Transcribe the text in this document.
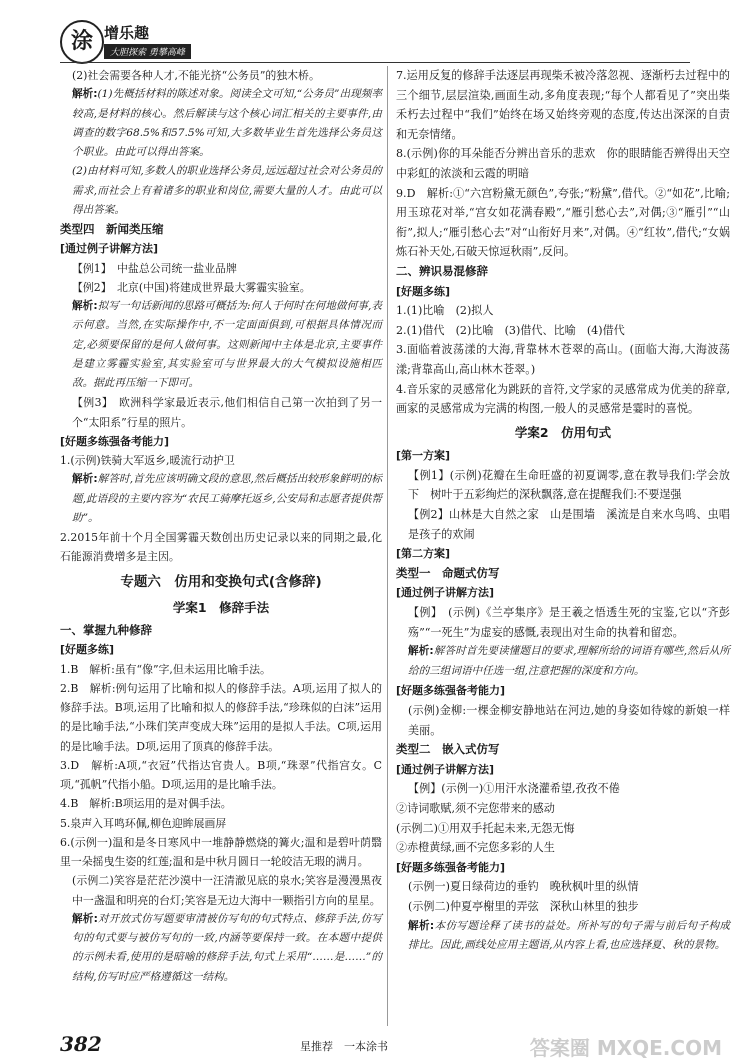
涂 增乐趣
大胆探索 勇攀高峰

(2)社会需要各种人才,不能光挤“公务员”的独木桥。

解析:(1)先概括材料的陈述对象。阅读全文可知,“公务员”出现频率较高,是材料的核心。然后解读与这个核心词汇相关的主要事件,由调查的数字68.5%和57.5%可知,大多数毕业生首先选择公务员这个职业。由此可以得出答案。

(2)由材料可知,多数人的职业选择公务员,远远超过社会对公务员的需求,而社会上有着诸多的职业和岗位,需要大量的人才。由此可以得出答案。

类型四　新闻类压缩

[通过例子讲解方法]

【例1】　中盐总公司统一盐业品牌

【例2】　北京(中国)将建成世界最大雾霾实验室。

解析:拟写一句话新闻的思路可概括为:何人于何时在何地做何事,表示何意。当然,在实际操作中,不一定面面俱到,可根据具体情况而定,必须要保留的是何人做何事。这则新闻中主体是北京,主要事件是建立雾霾实验室,其实验室可与世界最大的大气模拟设施相匹敌。据此再压缩一下即可。

【例3】　欧洲科学家最近表示,他们相信自己第一次拍到了另一个“太阳系”行星的照片。

[好题多练强备考能力]

1.(示例)铁骑大军返乡,暖流行动护卫

解析:解答时,首先应该明确文段的意思,然后概括出较形象鲜明的标题,此语段的主要内容为“农民工骑摩托返乡,公安局和志愿者提供帮助”。

2.2015年前十个月全国雾霾天数创出历史记录以来的同期之最,化石能源消费增多是主因。

专题六　仿用和变换句式(含修辞)

学案1　修辞手法

一、掌握九种修辞

[好题多练]

1.B　解析:虽有“像”字,但未运用比喻手法。

2.B　解析:例句运用了比喻和拟人的修辞手法。A项,运用了拟人的修辞手法。B项,运用了比喻和拟人的修辞手法,“珍珠似的白沫”运用的是比喻手法,“小珠们笑声变成大珠”运用的是拟人手法。C项,运用的是比喻手法。D项,运用了顶真的修辞手法。

3.D　解析:A项,“衣冠”代指达官贵人。B项,“珠翠”代指宫女。C项,“孤帆”代指小船。D项,运用的是比喻手法。

4.B　解析:B项运用的是对偶手法。

5.泉声入耳鸣环佩,柳色迎眸展画屏

6.(示例一)温和是冬日寒风中一堆静静燃烧的篝火;温和是碧叶荫翳里一朵摇曳生姿的红莲;温和是中秋月圆日一轮皎洁无瑕的满月。

(示例二)笑容是茫茫沙漠中一汪清澈见底的泉水;笑容是漫漫黑夜中一盏温和明亮的台灯;笑容是无边大海中一颗指引方向的星星。

解析:对开放式仿写题要审清被仿写句的句式特点、修辞手法,仿写句的句式要与被仿写句的一致,内涵等要保持一致。在本题中提供的示例未看,使用的是暗喻的修辞手法,句式上采用“……是……”的结构,仿写时应严格遵循这一结构。

7.运用反复的修辞手法逐层再现柴禾被冷落忽视、逐渐朽去过程中的三个细节,层层渲染,画面生动,多角度表现;“每个人都看见了”突出柴禾朽去过程中“我们”始终在场又始终旁观的态度,传达出深深的自责和无奈情绪。

8.(示例)你的耳朵能否分辨出音乐的悲欢　你的眼睛能否辨得出天空中彩虹的浓淡和云霞的明暗

9.D　解析:①“六宫粉黛无颜色”,夸张;“粉黛”,借代。②“如花”,比喻;用玉琼花对举,“宫女如花满春殿”,“雁引愁心去”,对偶;③“雁引”“山衔”,拟人;“雁引愁心去”对“山衔好月来”,对偶。④“红妆”,借代;“女娲炼石补天处,石破天惊逗秋雨”,反问。

二、辨识易混修辞

[好题多练]

1.(1)比喻　(2)拟人

2.(1)借代　(2)比喻　(3)借代、比喻　(4)借代

3.面临着波荡漾的大海,背靠林木苍翠的高山。(面临大海,大海波荡漾;背靠高山,高山林木苍翠。)

4.音乐家的灵感常化为跳跃的音符,文学家的灵感常成为优美的辞章,画家的灵感常成为完满的构图,一般人的灵感常是霎时的喜悦。

学案2　仿用句式

[第一方案]

【例1】(示例)花瓣在生命旺盛的初夏调零,意在教导我们:学会放下　树叶于五彩绚烂的深秋飘落,意在提醒我们:不要逞强

【例2】山林是大自然之家　山是围墙　溪流是自来水鸟鸣、虫唱是孩子的欢闹

[第二方案]

类型一　命题式仿写

[通过例子讲解方法]

【例】　(示例)《兰亭集序》是王羲之悟透生死的宝鉴,它以“齐彭殇”“一死生”为虚妄的感慨,表现出对生命的执着和留恋。

解析:解答时首先要读懂题目的要求,理解所给的词语有哪些,然后从所给的三组词语中任选一组,注意把握的深度和方向。

[好题多练强备考能力]

(示例)金柳:一棵金柳安静地站在河边,她的身姿如待嫁的新娘一样美丽。

类型二　嵌入式仿写

[通过例子讲解方法]

【例】(示例一)①用汗水浇灌希望,孜孜不倦

②诗词歌赋,须不完您带来的感动

(示例二)①用双手托起未来,无怨无悔

②赤橙黄绿,画不完您多彩的人生

[好题多练强备考能力]

(示例一)夏日绿荷边的垂钓　晚秋枫叶里的纵情

(示例二)仲夏亭榭里的弄弦　深秋山林里的独步

解析:本仿写题诠释了读书的益处。所补写的句子需与前后句子构成排比。因此,画线处应用主题语,从内容上看,也应选择夏、秋的景物。

382	星推荐　一本涂书	答案圈 MXQE.COM
